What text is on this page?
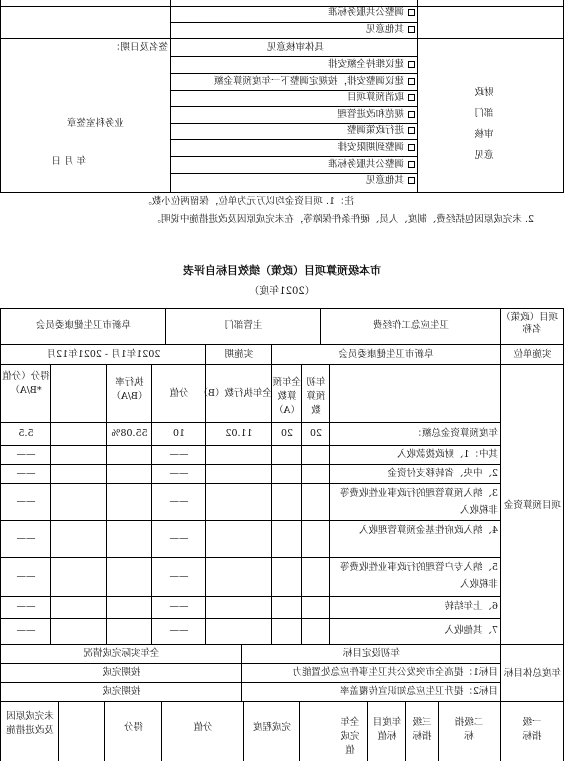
调整公共服务标准
其他意见
具体审核意见
签名及日期：
建议维持全额安排
建议调整安排，按规定调整下一年度预算金额
取消预算项目
规范和改进管理
进行政策调整
调整到期限安排
调整公共服务标准
其他意见
财政
部门
审核
意见
业务科室签章
年 月 日
注：1. 项目资金均以万元为单位，保留两位小数。
2. 未完成原因包括经费、制度、人员、硬件条件保障等，在未完成原因及改进措施中说明。
市本级预算项目（政策）绩效目标自评表
（2021年度）
项目（政策）名称
卫生应急工作经费
主管部门
阜新市卫生健康委员会
实施单位
阜新市卫生健康委员会
实施期
2021年1月 - 2021年12月
项目预算资金
年初预算数
全年预算数（A）
全年执行数（B）
分值
执行率（B/A）
得分（分值*B/A）
年度预算资金总额：
20
20
11.02
10
55.08%
5.5
其中：1、财政拨款收入
——
——
2、中央、省转移支付资金
——
——
3、纳入预算管理的行政事业性收费等非税收入
——
——
4、纳入政府性基金预算管理收入
——
——
5、纳入专户管理的行政事业性收费等非税收入
——
——
6、上年结转
——
——
7、其他收入
——
——
年度总体目标
年初设定目标
全年实际完成情况
目标1：提高全市突发公共卫生事件应急处置能力
按期完成
目标2：提升卫生应急知识宣传覆盖率
按期完成
一级指标
二级指标
三级指标
年度目标值
全年完成值
完成程度
分值
得分
未完成原因及改进措施
